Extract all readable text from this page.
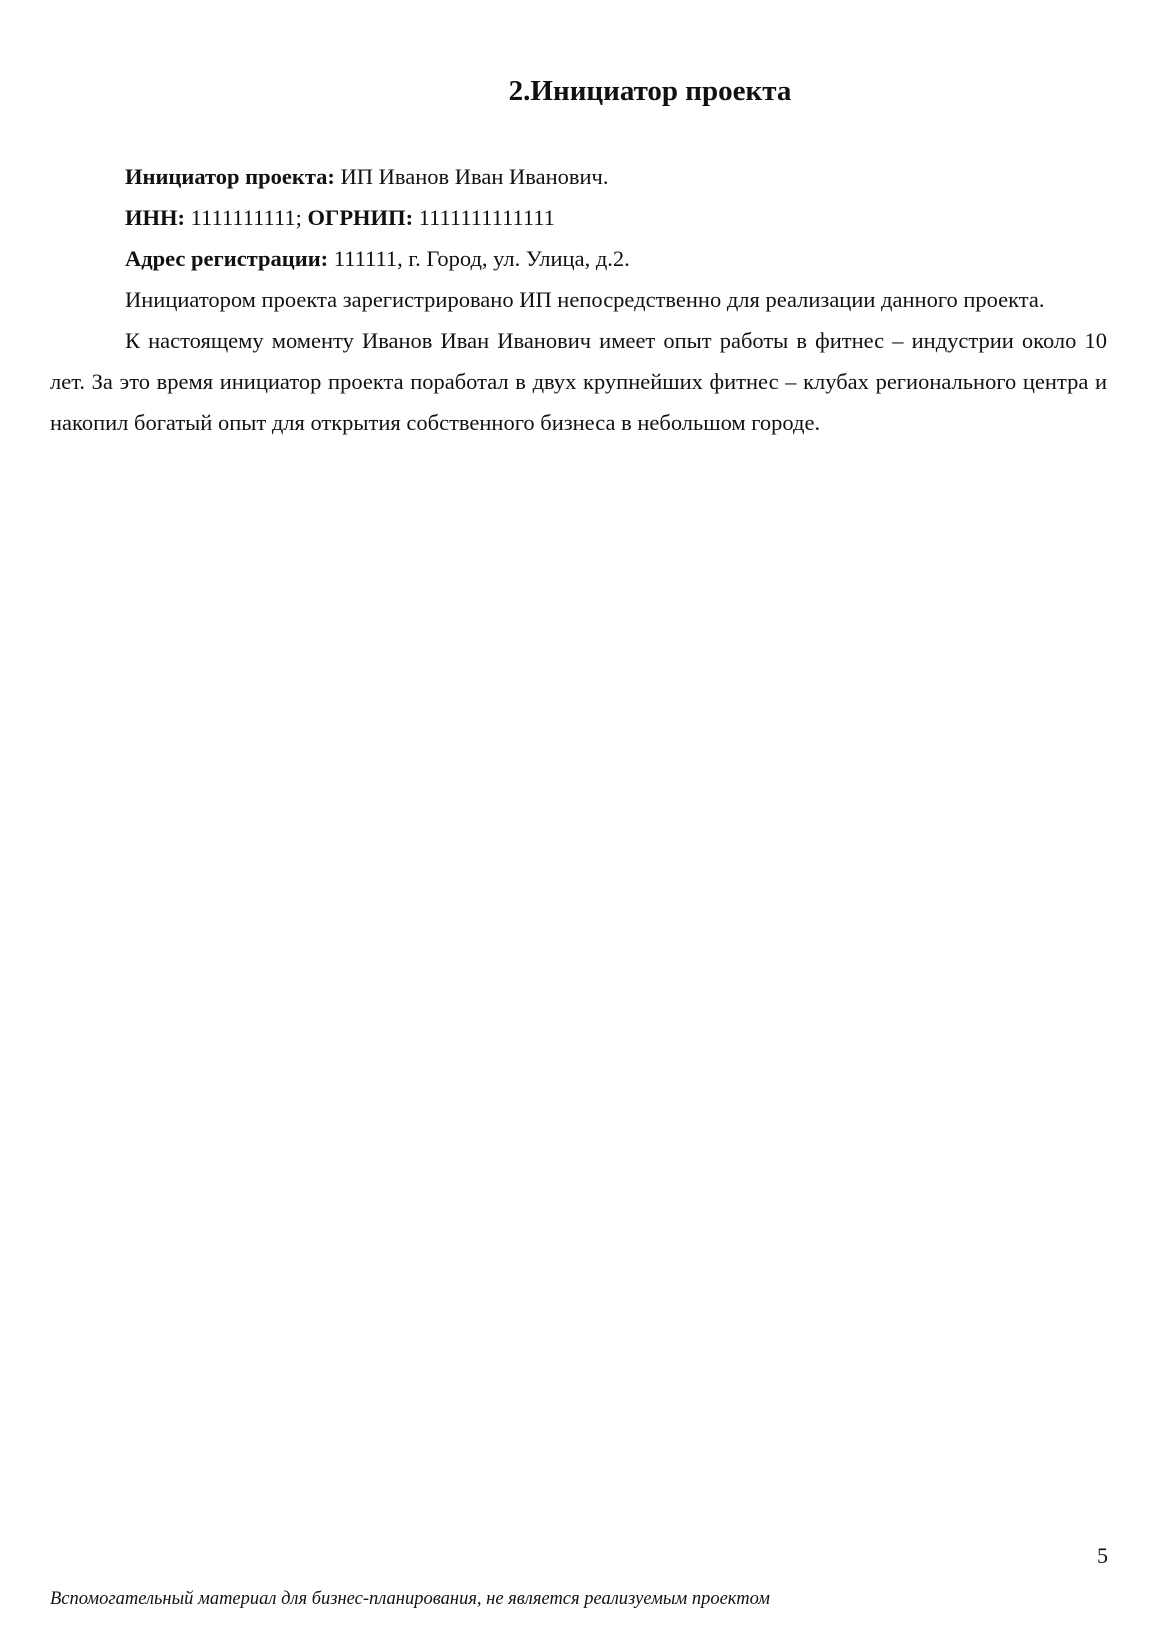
2.Инициатор проекта

Инициатор проекта: ИП Иванов Иван Иванович.

ИНН: 1111111111; ОГРНИП: 1111111111111

Адрес регистрации: 111111, г. Город, ул. Улица, д.2.

Инициатором проекта зарегистрировано ИП непосредственно для реализации данного проекта.

К настоящему моменту Иванов Иван Иванович имеет опыт работы в фитнес – индустрии около 10 лет. За это время инициатор проекта поработал в двух крупнейших фитнес – клубах регионального центра и накопил богатый опыт для открытия собственного бизнеса в небольшом городе.

5
Вспомогательный материал для бизнес-планирования, не является реализуемым проектом
